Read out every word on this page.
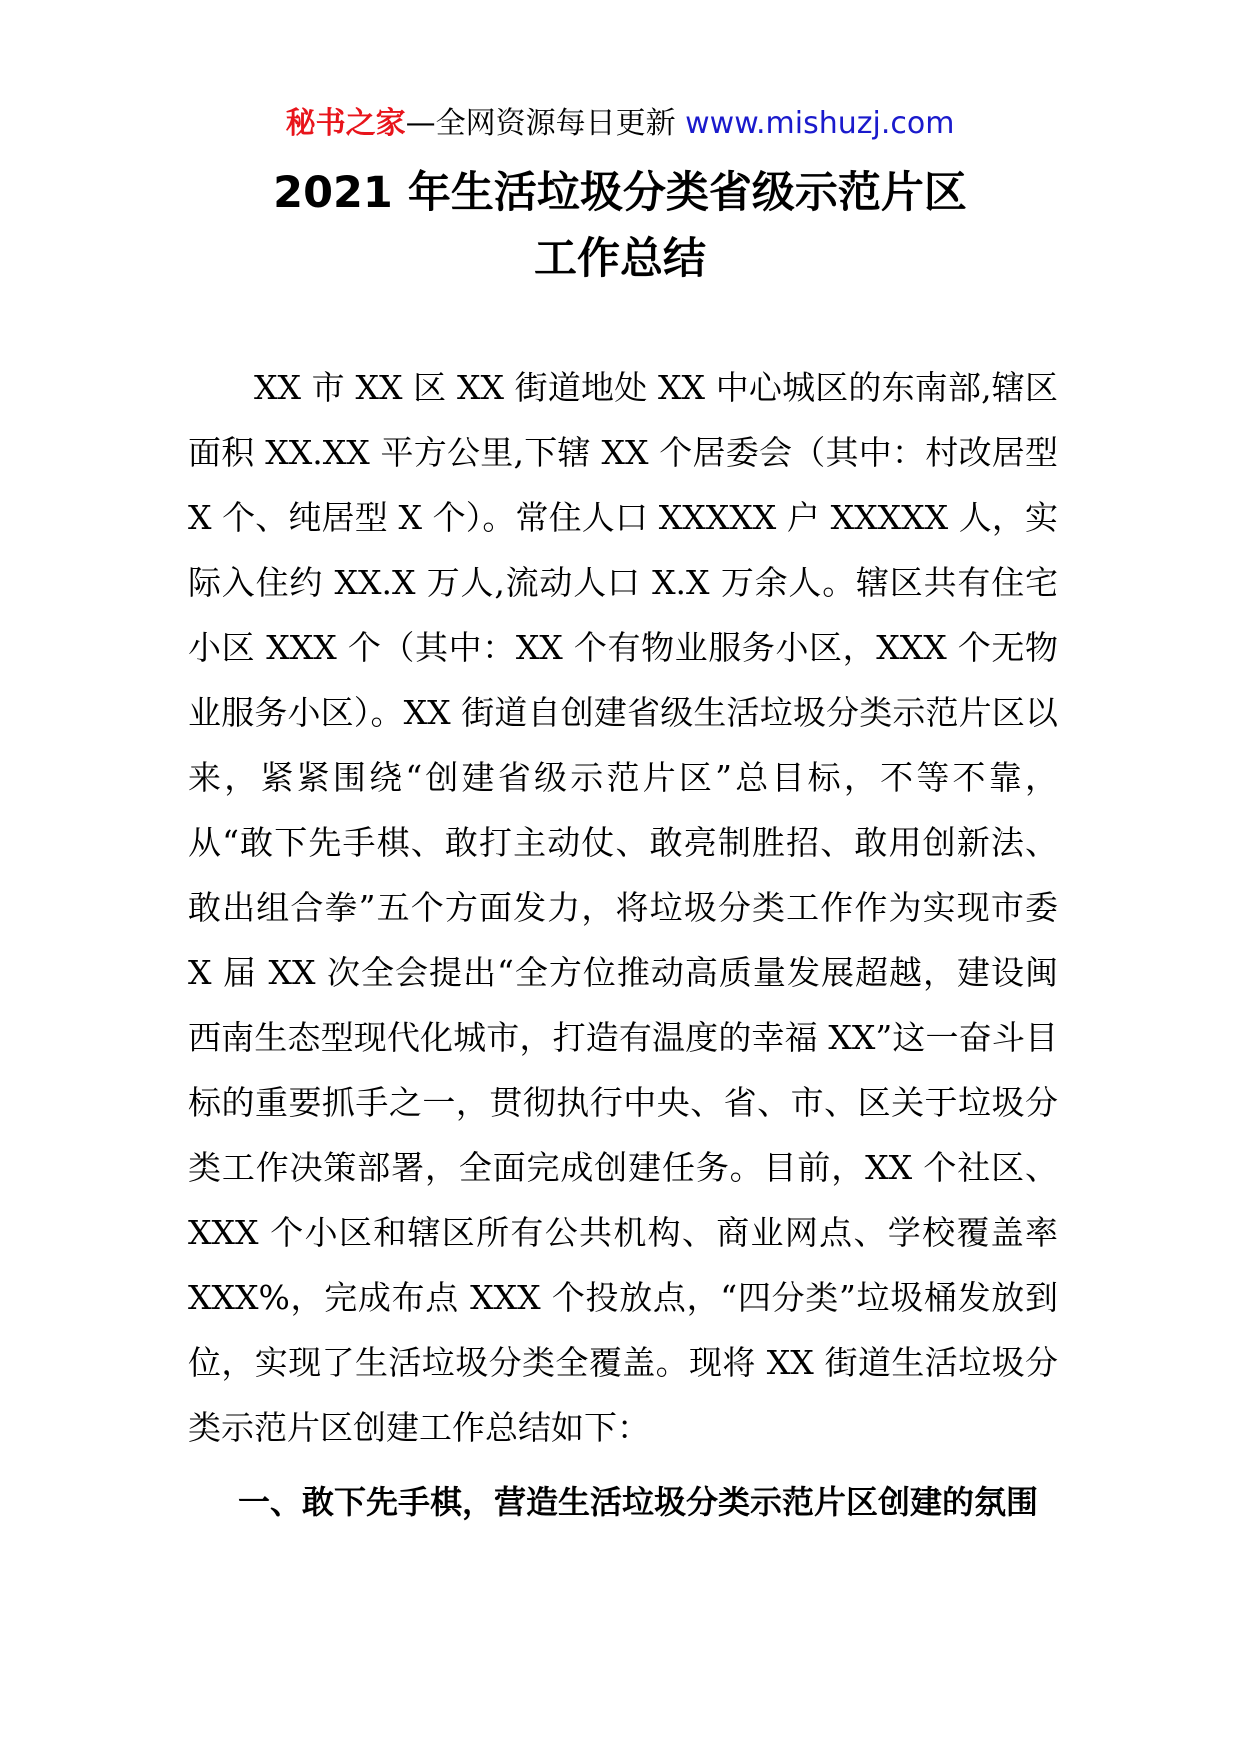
秘书之家—全网资源每日更新 www.mishuzj.com
2021 年生活垃圾分类省级示范片区
工作总结

XX 市 XX 区 XX 街道地处 XX 中心城区的东南部,辖区面积 XX.XX 平方公里,下辖 XX 个居委会（其中：村改居型 X 个、纯居型 X 个）。常住人口 XXXXX 户 XXXXX 人，实际入住约 XX.X 万人,流动人口 X.X 万余人。辖区共有住宅小区 XXX 个（其中：XX 个有物业服务小区，XXX 个无物业服务小区）。XX 街道自创建省级生活垃圾分类示范片区以来，紧紧围绕“创建省级示范片区”总目标，不等不靠，从“敢下先手棋、敢打主动仗、敢亮制胜招、敢用创新法、敢出组合拳”五个方面发力，将垃圾分类工作作为实现市委 X 届 XX 次全会提出“全方位推动高质量发展超越，建设闽西南生态型现代化城市，打造有温度的幸福 XX”这一奋斗目标的重要抓手之一，贯彻执行中央、省、市、区关于垃圾分类工作决策部署，全面完成创建任务。目前，XX 个社区、XXX 个小区和辖区所有公共机构、商业网点、学校覆盖率 XXX%，完成布点 XXX 个投放点，“四分类”垃圾桶发放到位，实现了生活垃圾分类全覆盖。现将 XX 街道生活垃圾分类示范片区创建工作总结如下：

一、敢下先手棋，营造生活垃圾分类示范片区创建的氛围
